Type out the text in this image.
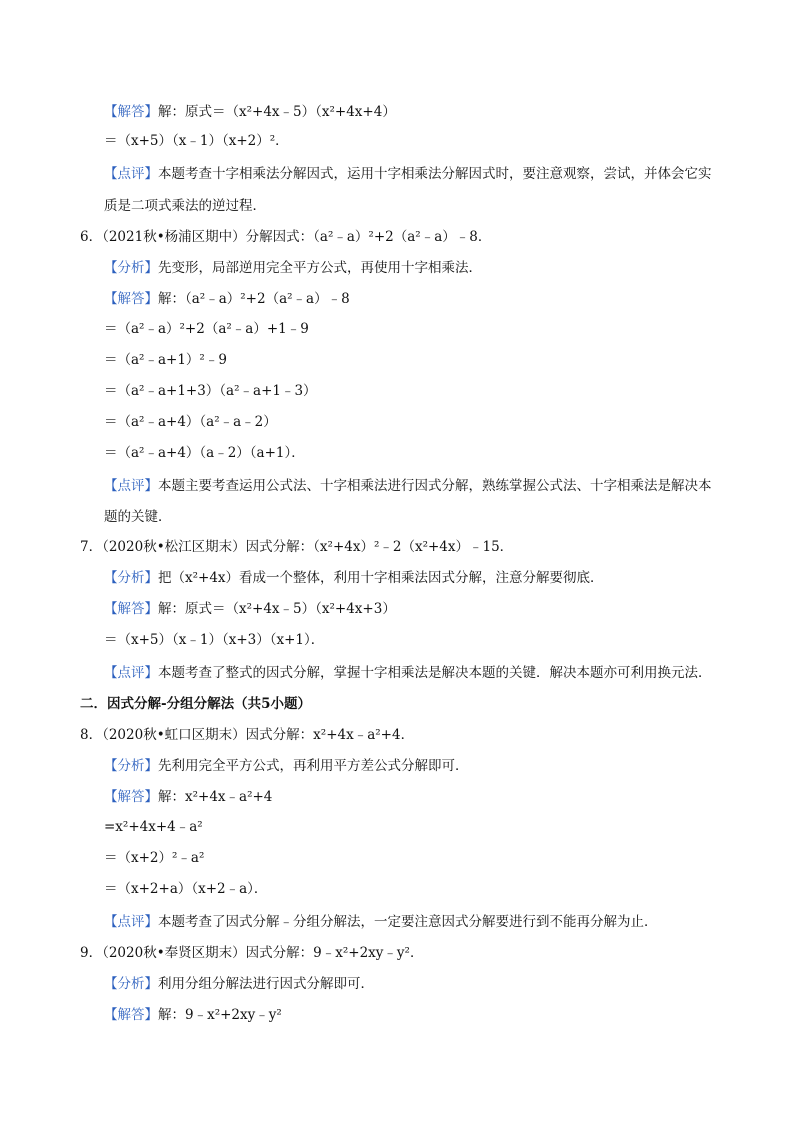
【解答】解：原式＝（x²+4x﹣5）（x²+4x+4）
＝（x+5）（x﹣1）（x+2）²．
【点评】本题考查十字相乘法分解因式，运用十字相乘法分解因式时，要注意观察，尝试，并体会它实
质是二项式乘法的逆过程．
6．（2021秋•杨浦区期中）分解因式：（a²﹣a）²+2（a²﹣a）﹣8．
【分析】先变形，局部逆用完全平方公式，再使用十字相乘法．
【解答】解：（a²﹣a）²+2（a²﹣a）﹣8
＝（a²﹣a）²+2（a²﹣a）+1﹣9
＝（a²﹣a+1）²﹣9
＝（a²﹣a+1+3）（a²﹣a+1﹣3）
＝（a²﹣a+4）（a²﹣a﹣2）
＝（a²﹣a+4）（a﹣2）（a+1）．
【点评】本题主要考查运用公式法、十字相乘法进行因式分解，熟练掌握公式法、十字相乘法是解决本
题的关键．
7．（2020秋•松江区期末）因式分解：（x²+4x）²﹣2（x²+4x）﹣15．
【分析】把（x²+4x）看成一个整体，利用十字相乘法因式分解，注意分解要彻底．
【解答】解：原式＝（x²+4x﹣5）（x²+4x+3）
＝（x+5）（x﹣1）（x+3）（x+1）．
【点评】本题考查了整式的因式分解，掌握十字相乘法是解决本题的关键．解决本题亦可利用换元法．
二．因式分解-分组分解法（共5小题）
8．（2020秋•虹口区期末）因式分解：x²+4x﹣a²+4．
【分析】先利用完全平方公式，再利用平方差公式分解即可．
【解答】解：x²+4x﹣a²+4
=x²+4x+4﹣a²
＝（x+2）²﹣a²
＝（x+2+a）（x+2﹣a）．
【点评】本题考查了因式分解﹣分组分解法，一定要注意因式分解要进行到不能再分解为止．
9．（2020秋•奉贤区期末）因式分解：9﹣x²+2xy﹣y²．
【分析】利用分组分解法进行因式分解即可．
【解答】解：9﹣x²+2xy﹣y²
